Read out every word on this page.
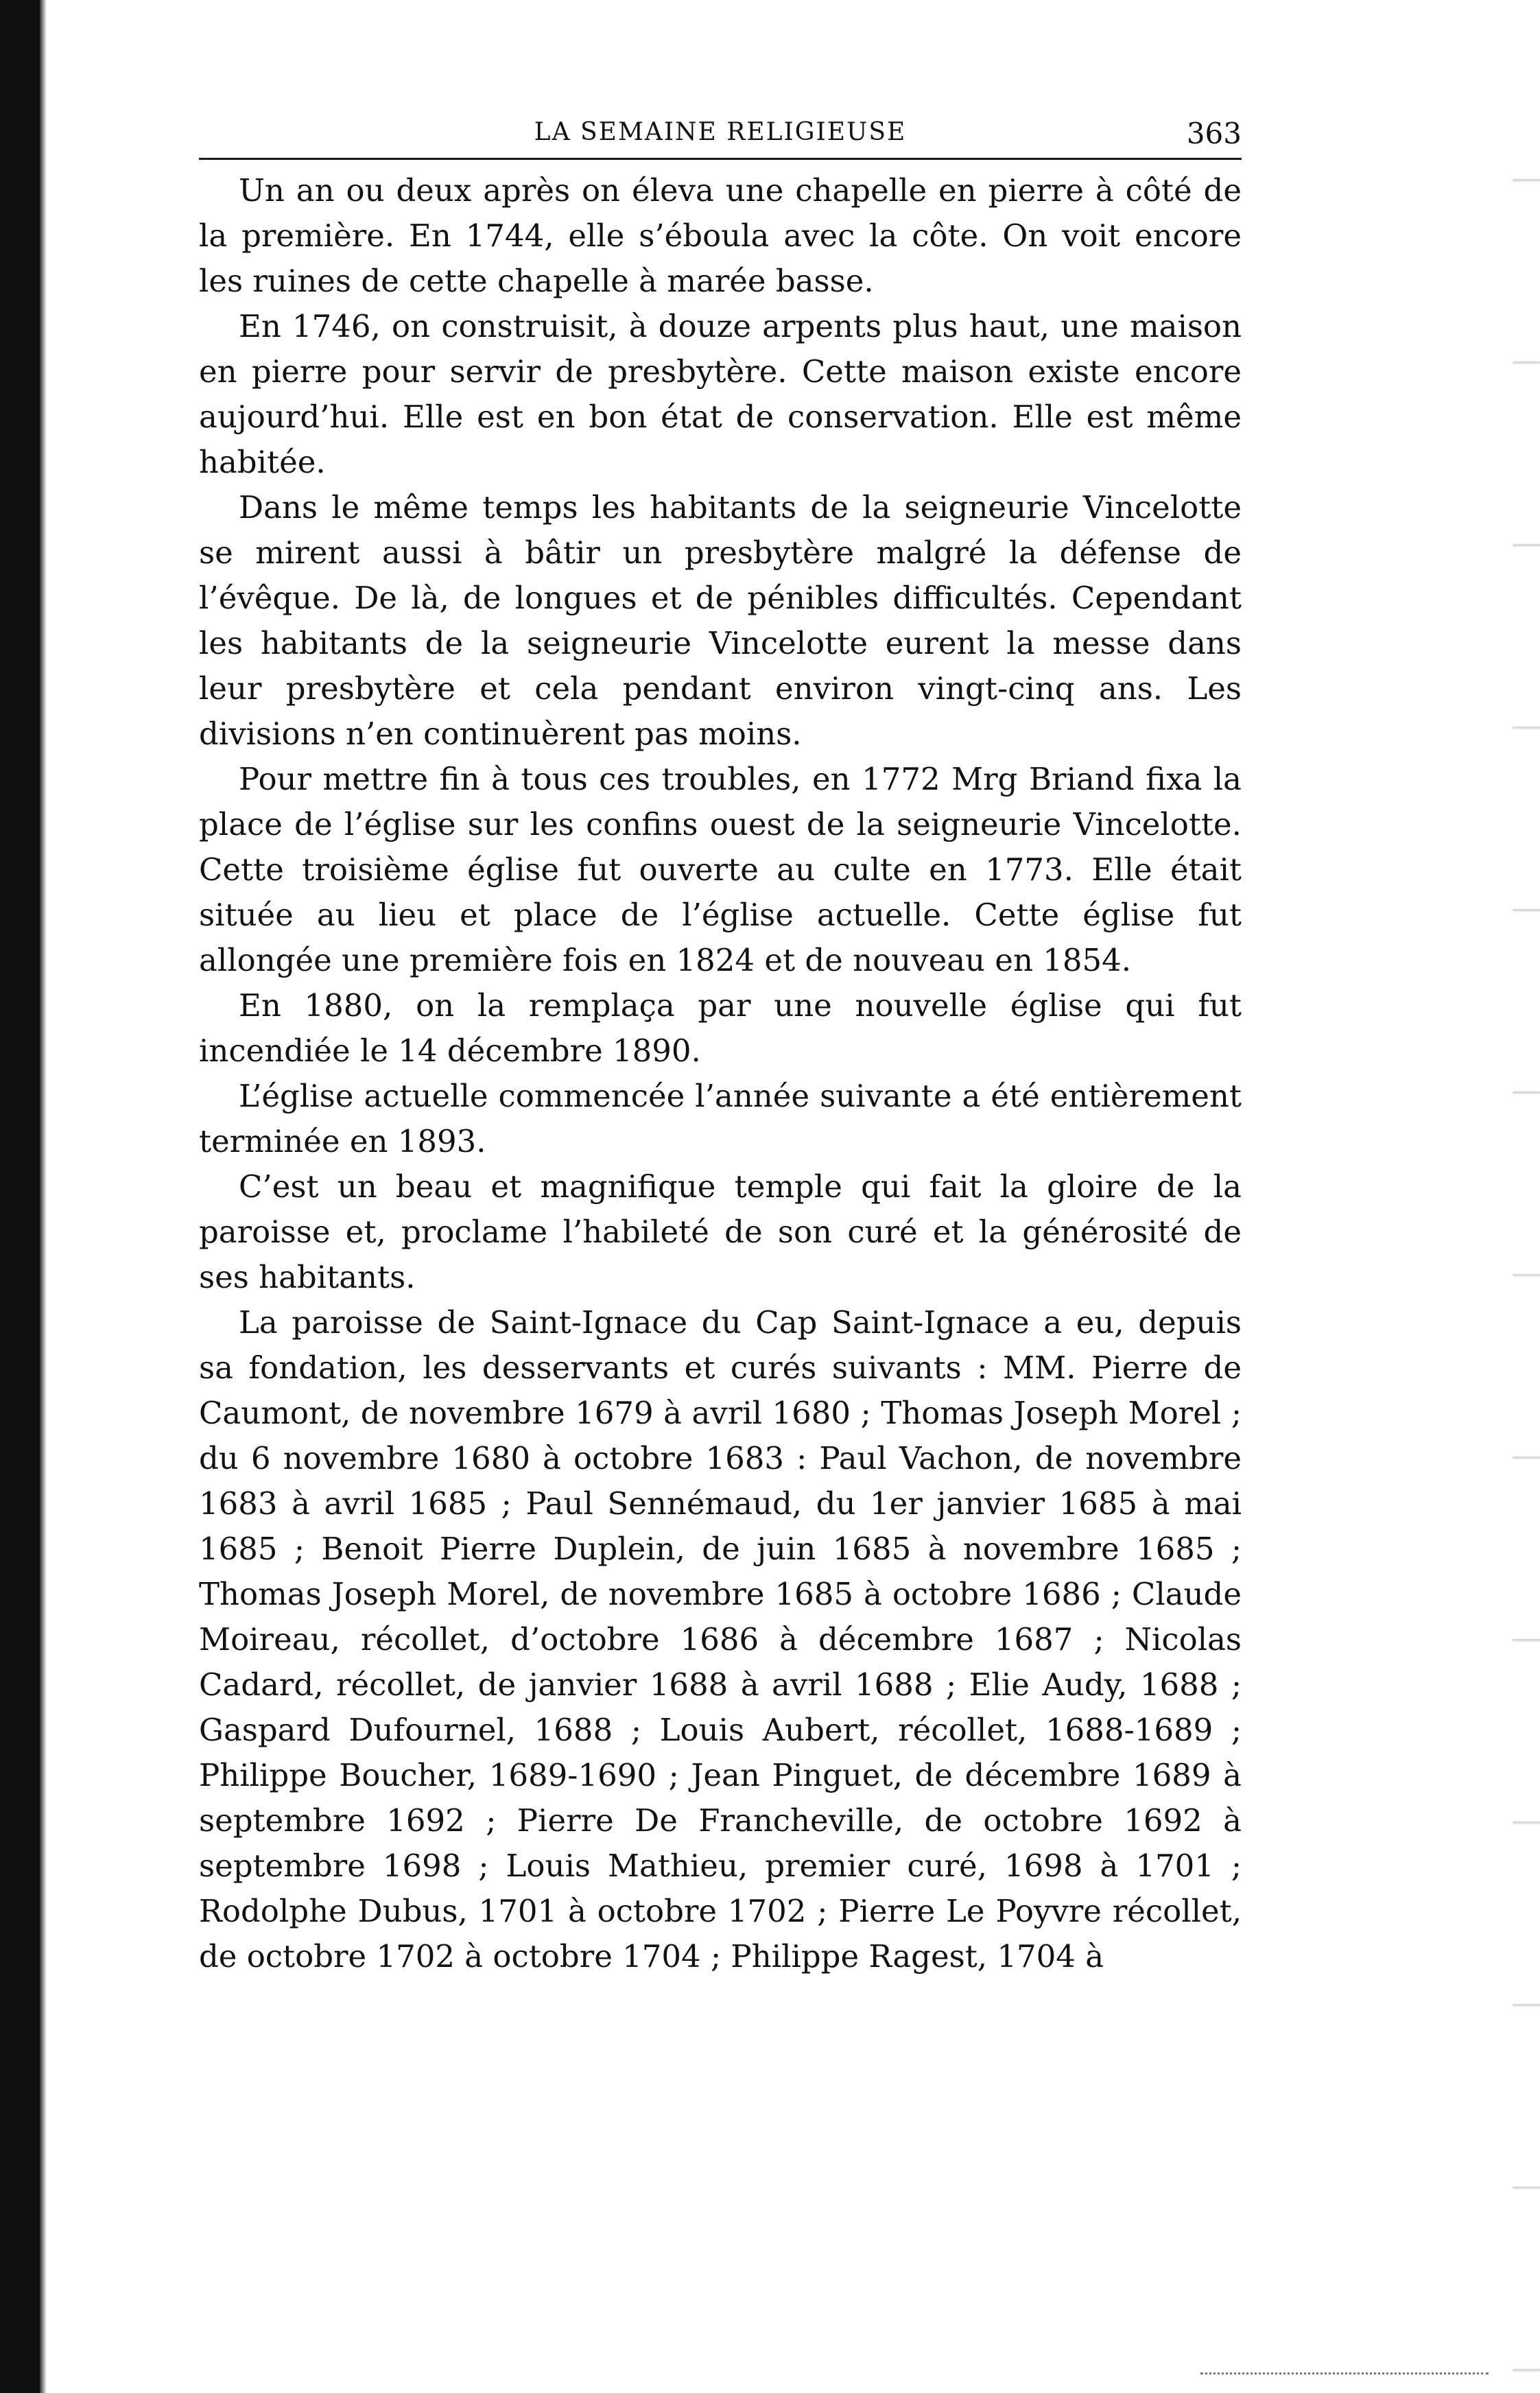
LA SEMAINE RELIGIEUSE	363

Un an ou deux après on éleva une chapelle en pierre à côté de la première. En 1744, elle s’éboula avec la côte. On voit encore les ruines de cette chapelle à marée basse.

En 1746, on construisit, à douze arpents plus haut, une maison en pierre pour servir de presbytère. Cette maison existe encore aujourd’hui. Elle est en bon état de conservation. Elle est même habitée.

Dans le même temps les habitants de la seigneurie Vincelotte se mirent aussi à bâtir un presbytère malgré la défense de l’évêque. De là, de longues et de pénibles difficultés. Cependant les habitants de la seigneurie Vincelotte eurent la messe dans leur presbytère et cela pendant environ vingt-cinq ans. Les divisions n’en continuèrent pas moins.

Pour mettre fin à tous ces troubles, en 1772 Mrg Briand fixa la place de l’église sur les confins ouest de la seigneurie Vincelotte. Cette troisième église fut ouverte au culte en 1773. Elle était située au lieu et place de l’église actuelle. Cette église fut allongée une première fois en 1824 et de nouveau en 1854.

En 1880, on la remplaça par une nouvelle église qui fut incendiée le 14 décembre 1890.

L’église actuelle commencée l’année suivante a été entièrement terminée en 1893.

C’est un beau et magnifique temple qui fait la gloire de la paroisse et, proclame l’habileté de son curé et la générosité de ses habitants.

La paroisse de Saint-Ignace du Cap Saint-Ignace a eu, depuis sa fondation, les desservants et curés suivants : MM. Pierre de Caumont, de novembre 1679 à avril 1680 ; Thomas Joseph Morel ; du 6 novembre 1680 à octobre 1683 : Paul Vachon, de novembre 1683 à avril 1685 ; Paul Sennémaud, du 1er janvier 1685 à mai 1685 ; Benoit Pierre Duplein, de juin 1685 à novembre 1685 ; Thomas Joseph Morel, de novembre 1685 à octobre 1686 ; Claude Moireau, récollet, d’octobre 1686 à décembre 1687 ; Nicolas Cadard, récollet, de janvier 1688 à avril 1688 ; Elie Audy, 1688 ; Gaspard Dufournel, 1688 ; Louis Aubert, récollet, 1688-1689 ; Philippe Boucher, 1689-1690 ; Jean Pinguet, de décembre 1689 à septembre 1692 ; Pierre De Francheville, de octobre 1692 à septembre 1698 ; Louis Mathieu, premier curé, 1698 à 1701 ; Rodolphe Dubus, 1701 à octobre 1702 ; Pierre Le Poyvre récollet, de octobre 1702 à octobre 1704 ; Philippe Ragest, 1704 à
